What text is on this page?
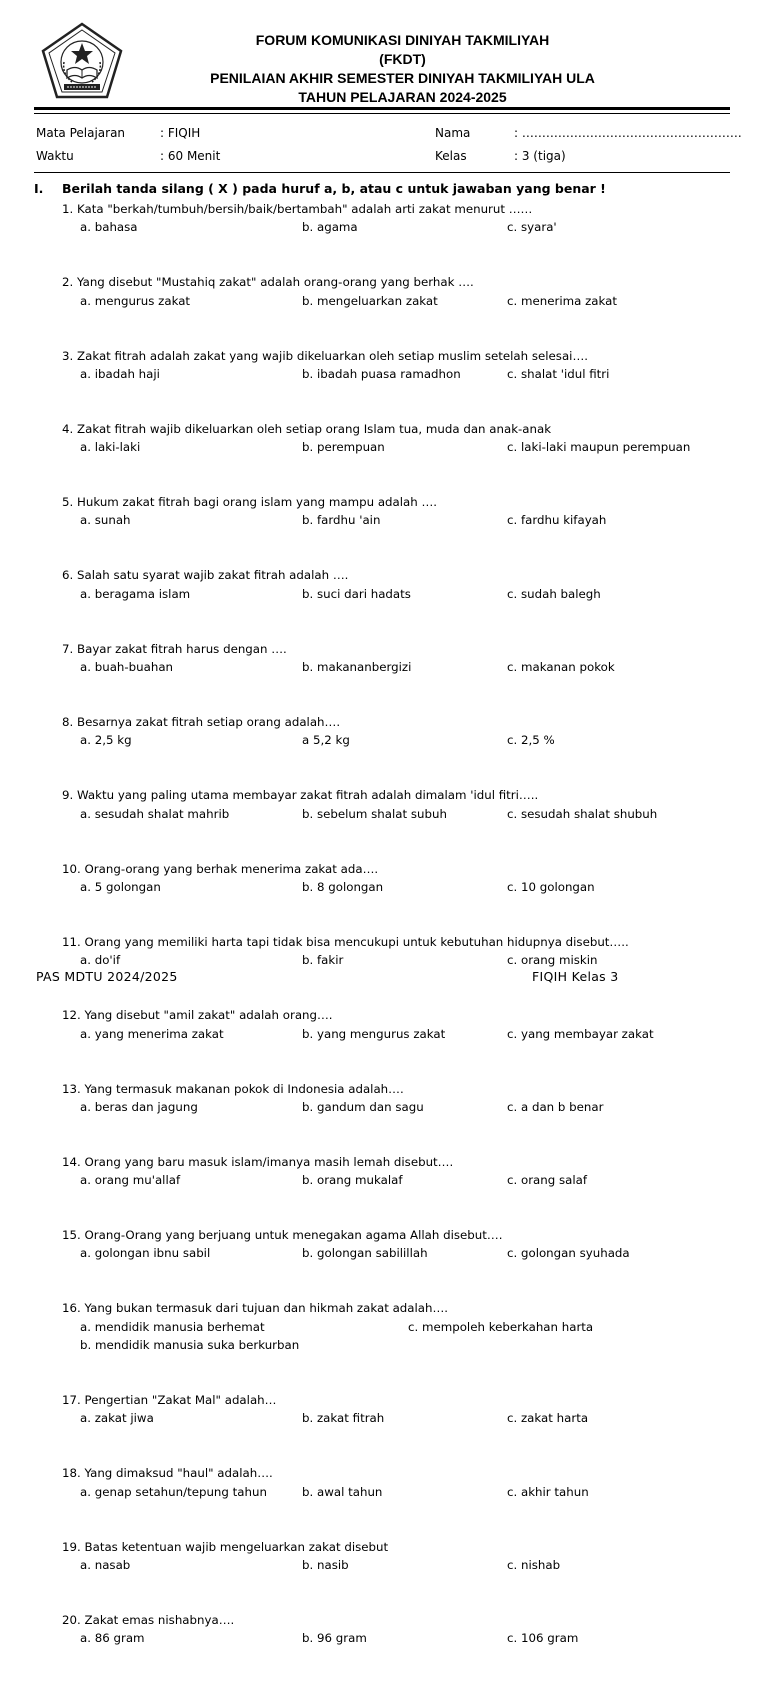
FORUM KOMUNIKASI DINIYAH TAKMILIYAH
(FKDT)
PENILAIAN AKHIR SEMESTER DINIYAH TAKMILIYAH ULA
TAHUN PELAJARAN 2024-2025
Mata Pelajaran	: FIQIH	Nama	: ……………………………………………….
Waktu	: 60 Menit	Kelas	: 3 (tiga)
I. Berilah tanda silang ( X ) pada huruf a, b, atau c untuk jawaban yang benar !
1. Kata "berkah/tumbuh/bersih/baik/bertambah" adalah arti zakat menurut ……
a. bahasa	b. agama	c. syara'
2. Yang disebut "Mustahiq zakat" adalah orang-orang yang berhak ….
a. mengurus zakat	b. mengeluarkan zakat	c. menerima zakat
3. Zakat fitrah adalah zakat yang wajib dikeluarkan oleh setiap muslim setelah selesai….
a. ibadah haji	b. ibadah puasa ramadhon	c. shalat 'idul fitri
4. Zakat fitrah wajib dikeluarkan oleh setiap orang Islam tua, muda dan anak-anak
a. laki-laki	b. perempuan	c. laki-laki maupun perempuan
5. Hukum zakat fitrah bagi orang islam yang mampu adalah ….
a. sunah	b. fardhu 'ain	c. fardhu kifayah
6. Salah satu syarat wajib zakat fitrah adalah ….
a. beragama islam	b. suci dari hadats	c. sudah balegh
7. Bayar zakat fitrah harus dengan ….
a. buah-buahan	b. makananbergizi	c. makanan pokok
8. Besarnya zakat fitrah setiap orang adalah….
a. 2,5 kg	a 5,2 kg	c. 2,5 %
9. Waktu yang paling utama membayar zakat fitrah adalah dimalam 'idul fitri…..
a. sesudah shalat mahrib	b. sebelum shalat subuh	c. sesudah shalat shubuh
10. Orang-orang yang berhak menerima zakat ada….
a. 5 golongan	b. 8 golongan	c. 10 golongan
11. Orang yang memiliki harta tapi tidak bisa mencukupi untuk kebutuhan hidupnya disebut…..
a. do'if	b. fakir	c. orang miskin
12. Yang disebut "amil zakat" adalah orang….
a. yang menerima zakat	b. yang mengurus zakat	c. yang membayar zakat
13. Yang termasuk makanan pokok di Indonesia adalah….
a. beras dan jagung	b. gandum dan sagu	c. a dan b benar
14. Orang yang baru masuk islam/imanya masih lemah disebut….
a. orang mu'allaf	b. orang mukalaf	c. orang salaf
15. Orang-Orang yang berjuang untuk menegakan agama Allah disebut….
a. golongan ibnu sabil	b. golongan sabilillah	c. golongan syuhada
16. Yang bukan termasuk dari tujuan dan hikmah zakat adalah….
a. mendidik manusia berhemat	c. mempoleh keberkahan harta
b. mendidik manusia suka berkurban
17. Pengertian "Zakat Mal" adalah…
a. zakat jiwa	b. zakat fitrah	c. zakat harta
18. Yang dimaksud "haul" adalah….
a. genap setahun/tepung tahun	b. awal tahun	c. akhir tahun
19. Batas ketentuan wajib mengeluarkan zakat disebut
a. nasab	b. nasib	c. nishab
20. Zakat emas nishabnya….
a. 86 gram	b. 96 gram	c. 106 gram
PAS MDTU 2024/2025	FIQIH Kelas 3
